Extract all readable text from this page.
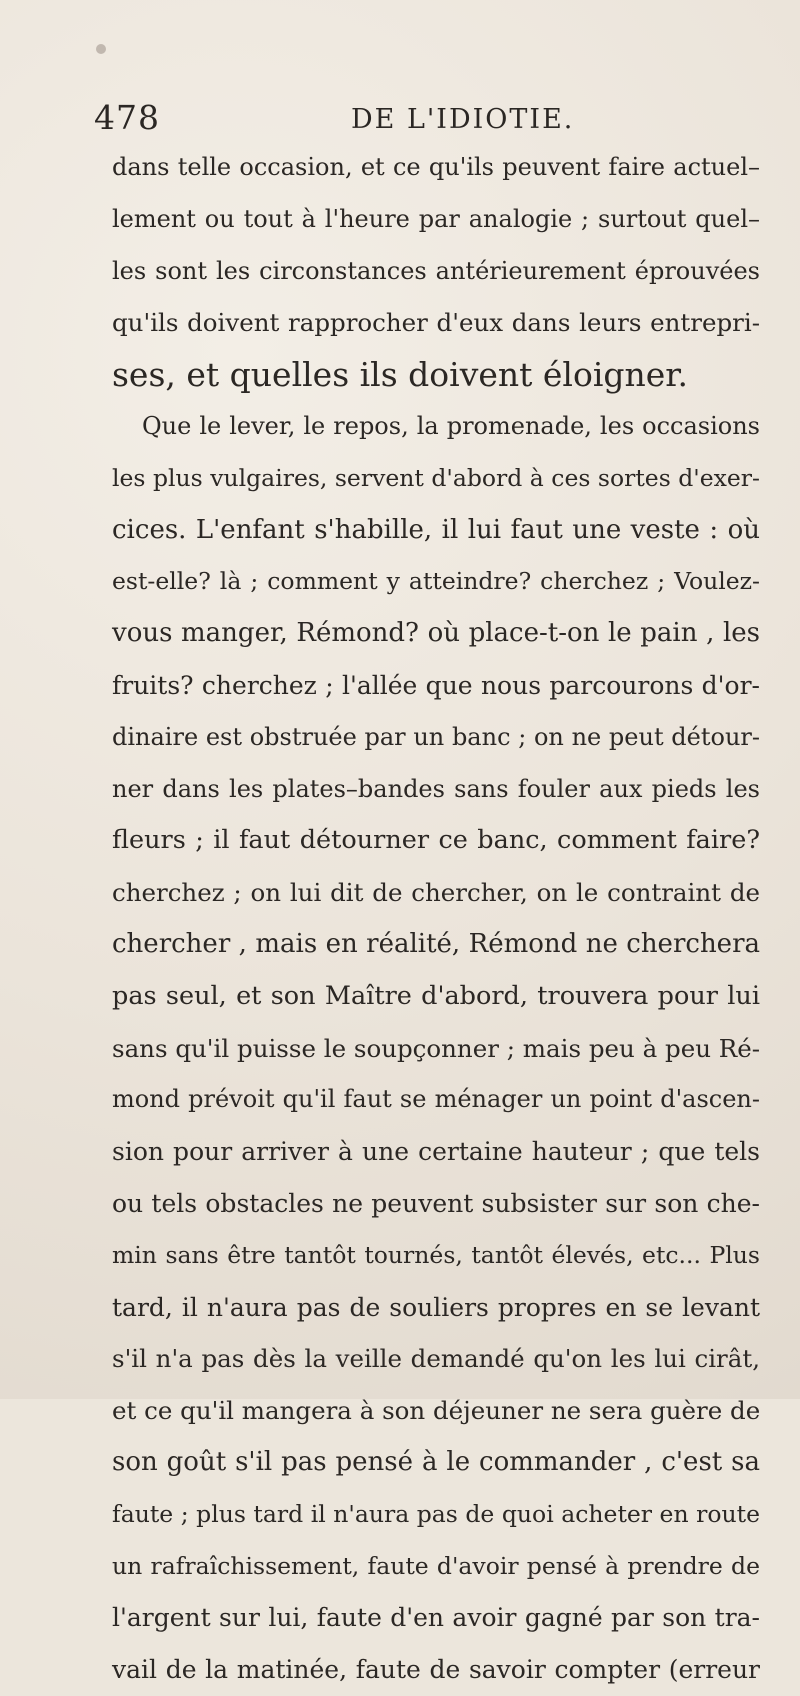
478	DE L'IDIOTIE.
dans telle occasion, et ce qu'ils peuvent faire actuel–
lement ou tout à l'heure par analogie ; surtout quel–
les sont les circonstances antérieurement éprouvées
qu'ils doivent rapprocher d'eux dans leurs entrepri-
ses, et quelles ils doivent éloigner.
Que le lever, le repos, la promenade, les occasions
les plus vulgaires, servent d'abord à ces sortes d'exer-
cices. L'enfant s'habille, il lui faut une veste : où
est-elle? là ; comment y atteindre? cherchez ; Voulez-
vous manger, Rémond? où place-t-on le pain , les
fruits? cherchez ; l'allée que nous parcourons d'or-
dinaire est obstruée par un banc ; on ne peut détour-
ner dans les plates–bandes sans fouler aux pieds les
fleurs ; il faut détourner ce banc, comment faire?
cherchez ; on lui dit de chercher, on le contraint de
chercher , mais en réalité, Rémond ne cherchera
pas seul, et son Maître d'abord, trouvera pour lui
sans qu'il puisse le soupçonner ; mais peu à peu Ré-
mond prévoit qu'il faut se ménager un point d'ascen-
sion pour arriver à une certaine hauteur ; que tels
ou tels obstacles ne peuvent subsister sur son che-
min sans être tantôt tournés, tantôt élevés, etc... Plus
tard, il n'aura pas de souliers propres en se levant
s'il n'a pas dès la veille demandé qu'on les lui cirât,
et ce qu'il mangera à son déjeuner ne sera guère de
son goût s'il pas pensé à le commander , c'est sa
faute ; plus tard il n'aura pas de quoi acheter en route
un rafraîchissement, faute d'avoir pensé à prendre de
l'argent sur lui, faute d'en avoir gagné par son tra-
vail de la matinée, faute de savoir compter (erreur
